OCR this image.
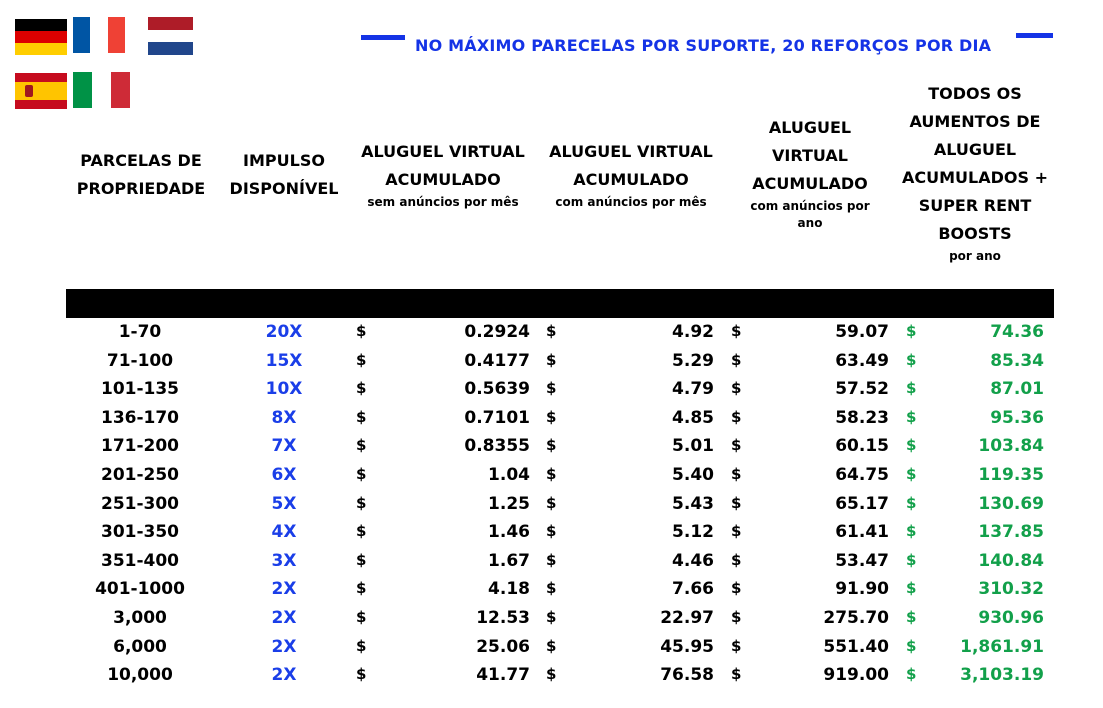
NO MÁXIMO PARECELAS POR SUPORTE, 20 REFORÇOS POR DIA
PARCELAS DE PROPRIEDADE
IMPULSO DISPONÍVEL
ALUGUEL VIRTUAL ACUMULADO
sem anúncios por mês
ALUGUEL VIRTUAL ACUMULADO
com anúncios por mês
ALUGUEL VIRTUAL ACUMULADO
com anúncios por ano
TODOS OS AUMENTOS DE ALUGUEL ACUMULADOS + SUPER RENT BOOSTS
por ano
1-70	20X	$	0.2924 $	4.92 $	59.07 $	74.36
71-100	15X	$	0.4177 $	5.29 $	63.49 $	85.34
101-135	10X	$	0.5639 $	4.79 $	57.52 $	87.01
136-170	8X	$	0.7101 $	4.85 $	58.23 $	95.36
171-200	7X	$	0.8355 $	5.01 $	60.15 $	103.84
201-250	6X	$	1.04 $	5.40 $	64.75 $	119.35
251-300	5X	$	1.25 $	5.43 $	65.17 $	130.69
301-350	4X	$	1.46 $	5.12 $	61.41 $	137.85
351-400	3X	$	1.67 $	4.46 $	53.47 $	140.84
401-1000	2X	$	4.18 $	7.66 $	91.90 $	310.32
3,000	2X	$	12.53 $	22.97 $	275.70 $	930.96
6,000	2X	$	25.06 $	45.95 $	551.40 $	1,861.91
10,000	2X	$	41.77 $	76.58 $	919.00 $	3,103.19
